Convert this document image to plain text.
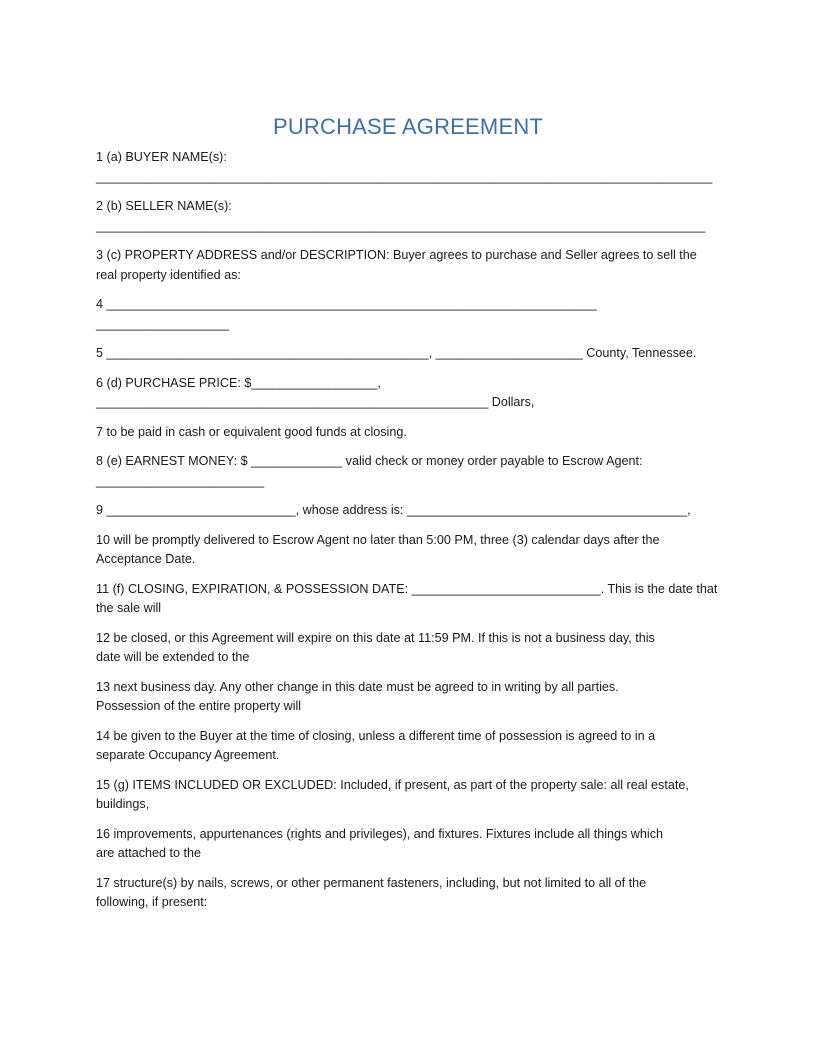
PURCHASE AGREEMENT
1 (a) BUYER NAME(s):
________________________________________________________________________________________
2 (b) SELLER NAME(s):
_______________________________________________________________________________________
3 (c) PROPERTY ADDRESS and/or DESCRIPTION: Buyer agrees to purchase and Seller agrees to sell the
real property identified as:
4 ______________________________________________________________________
___________________
5 ______________________________________________, _____________________ County, Tennessee.
6 (d) PURCHASE PRICE: $__________________,
________________________________________________________ Dollars,
7 to be paid in cash or equivalent good funds at closing.
8 (e) EARNEST MONEY: $ _____________ valid check or money order payable to Escrow Agent:
________________________
9 ___________________________, whose address is: ________________________________________,
10 will be promptly delivered to Escrow Agent no later than 5:00 PM, three (3) calendar days after the
Acceptance Date.
11 (f) CLOSING, EXPIRATION, & POSSESSION DATE: ___________________________. This is the date that
the sale will
12 be closed, or this Agreement will expire on this date at 11:59 PM. If this is not a business day, this
date will be extended to the
13 next business day. Any other change in this date must be agreed to in writing by all parties.
Possession of the entire property will
14 be given to the Buyer at the time of closing, unless a different time of possession is agreed to in a
separate Occupancy Agreement.
15 (g) ITEMS INCLUDED OR EXCLUDED: Included, if present, as part of the property sale: all real estate,
buildings,
16 improvements, appurtenances (rights and privileges), and fixtures. Fixtures include all things which
are attached to the
17 structure(s) by nails, screws, or other permanent fasteners, including, but not limited to all of the
following, if present:
